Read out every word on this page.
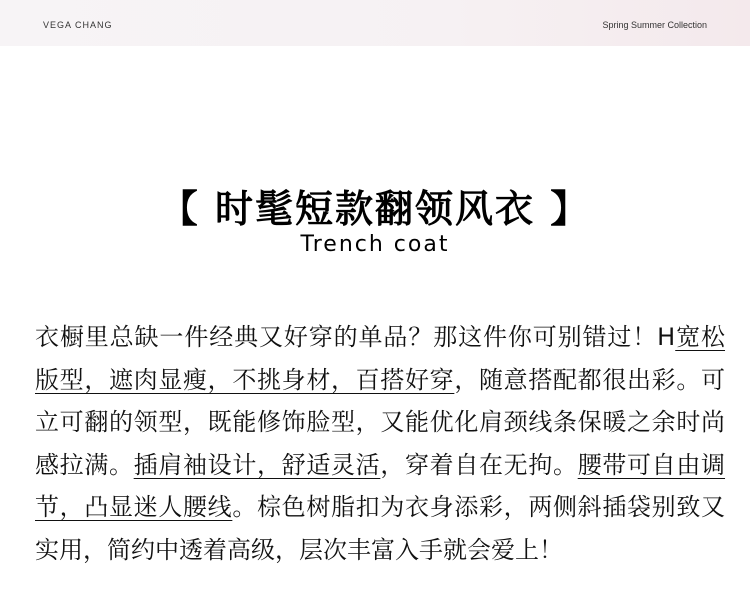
VEGA CHANG	Spring Summer Collection
【 时髦短款翻领风衣 】
Trench coat
衣橱里总缺一件经典又好穿的单品？那这件你可别错过！H宽松版型，遮肉显瘦，不挑身材，百搭好穿，随意搭配都很出彩。可立可翻的领型，既能修饰脸型，又能优化肩颈线条保暖之余时尚感拉满。插肩袖设计，舒适灵活，穿着自在无拘。腰带可自由调节，凸显迷人腰线。棕色树脂扣为衣身添彩，两侧斜插袋别致又实用，简约中透着高级，层次丰富入手就会爱上！
